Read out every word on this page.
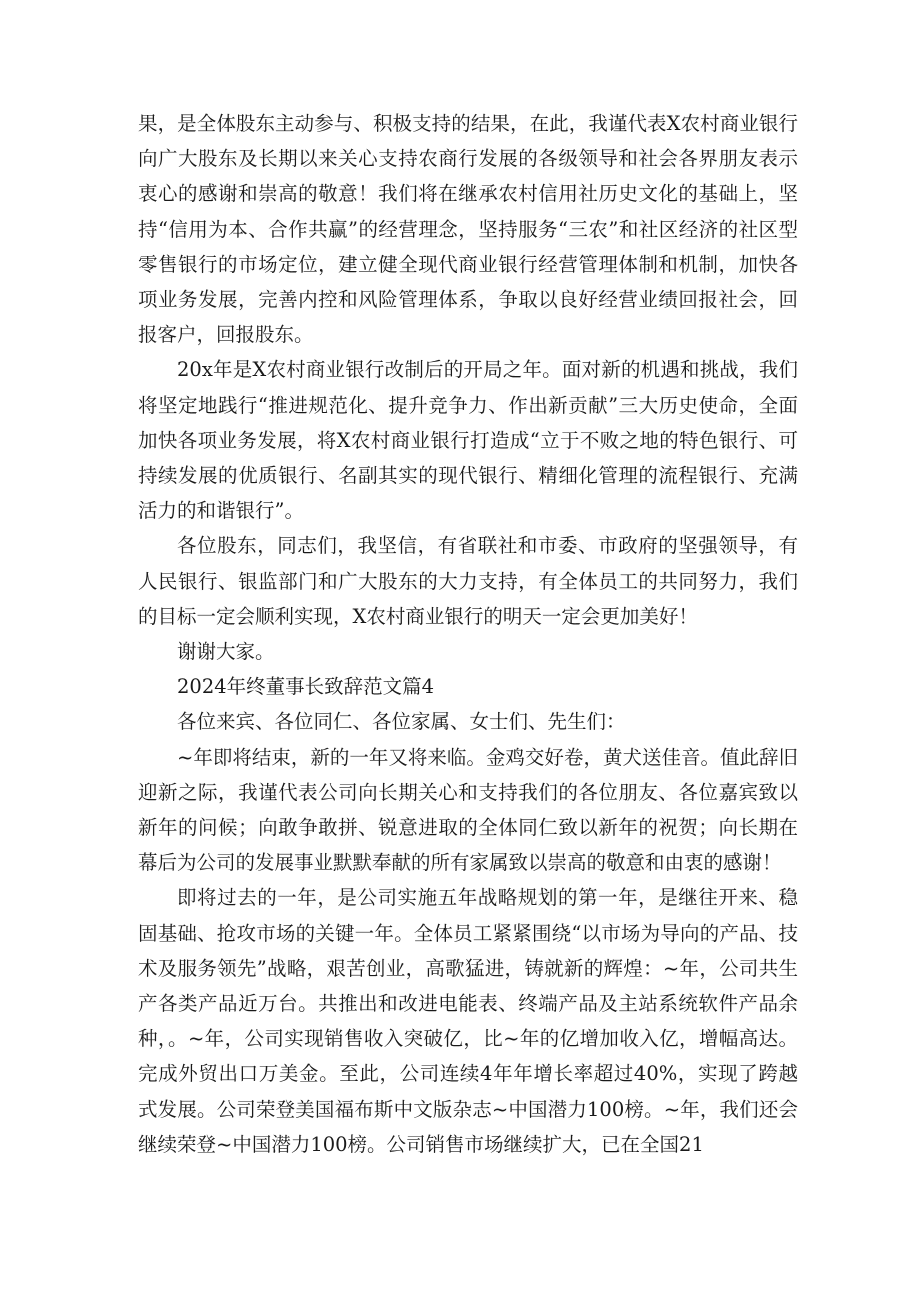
果，是全体股东主动参与、积极支持的结果，在此，我谨代表X农村商业银行向广大股东及长期以来关心支持农商行发展的各级领导和社会各界朋友表示衷心的感谢和崇高的敬意！我们将在继承农村信用社历史文化的基础上，坚持“信用为本、合作共赢”的经营理念，坚持服务“三农”和社区经济的社区型零售银行的市场定位，建立健全现代商业银行经营管理体制和机制，加快各项业务发展，完善内控和风险管理体系，争取以良好经营业绩回报社会，回报客户，回报股东。

20x年是X农村商业银行改制后的开局之年。面对新的机遇和挑战，我们将坚定地践行“推进规范化、提升竞争力、作出新贡献”三大历史使命，全面加快各项业务发展，将X农村商业银行打造成“立于不败之地的特色银行、可持续发展的优质银行、名副其实的现代银行、精细化管理的流程银行、充满活力的和谐银行”。

各位股东，同志们，我坚信，有省联社和市委、市政府的坚强领导，有人民银行、银监部门和广大股东的大力支持，有全体员工的共同努力，我们的目标一定会顺利实现，X农村商业银行的明天一定会更加美好！

谢谢大家。

2024年终董事长致辞范文篇4

各位来宾、各位同仁、各位家属、女士们、先生们：

~年即将结束，新的一年又将来临。金鸡交好卷，黄犬送佳音。值此辞旧迎新之际，我谨代表公司向长期关心和支持我们的各位朋友、各位嘉宾致以新年的问候；向敢争敢拼、锐意进取的全体同仁致以新年的祝贺；向长期在幕后为公司的发展事业默默奉献的所有家属致以崇高的敬意和由衷的感谢！

即将过去的一年，是公司实施五年战略规划的第一年，是继往开来、稳固基础、抢攻市场的关键一年。全体员工紧紧围绕“以市场为导向的产品、技术及服务领先”战略，艰苦创业，高歌猛进，铸就新的辉煌：~年，公司共生产各类产品近万台。共推出和改进电能表、终端产品及主站系统软件产品余种，。~年，公司实现销售收入突破亿，比~年的亿增加收入亿，增幅高达。完成外贸出口万美金。至此，公司连续4年年增长率超过40%，实现了跨越式发展。公司荣登美国福布斯中文版杂志~中国潜力100榜。~年，我们还会继续荣登~中国潜力100榜。公司销售市场继续扩大，已在全国21
